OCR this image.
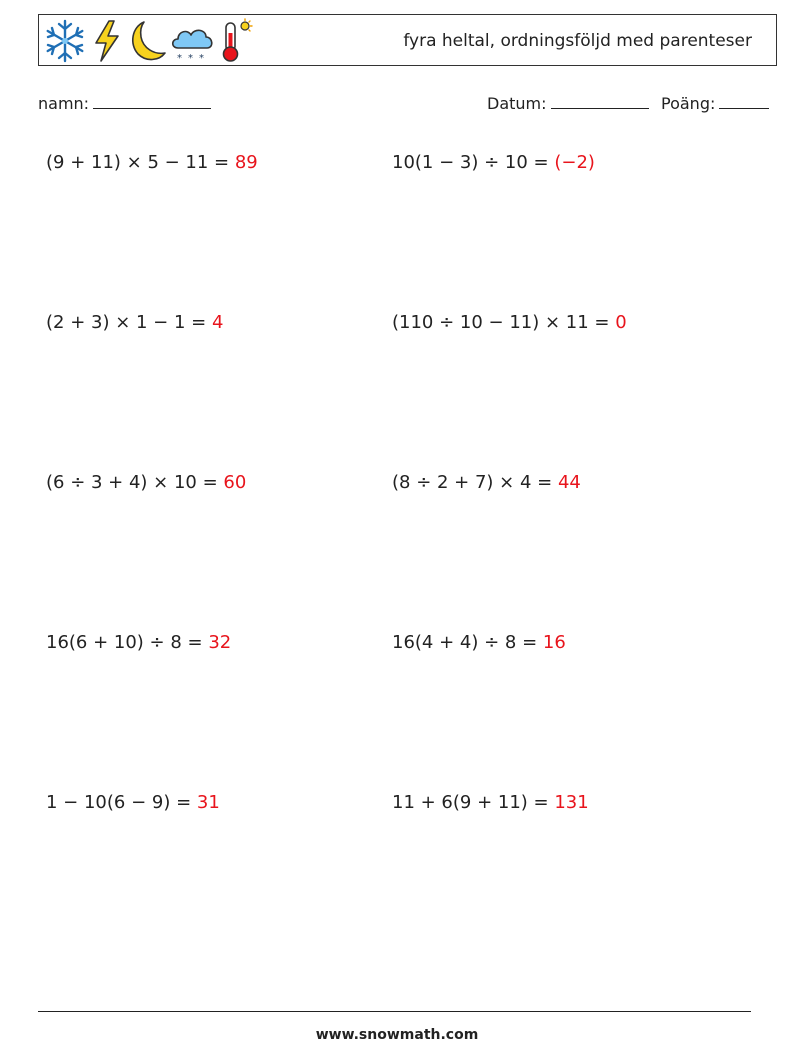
* * *
fyra heltal, ordningsföljd med parenteser
namn:	Datum:	Poäng:
(9 + 11) × 5 − 11 = 89	10(1 − 3) ÷ 10 = (−2)
(2 + 3) × 1 − 1 = 4	(110 ÷ 10 − 11) × 11 = 0
(6 ÷ 3 + 4) × 10 = 60	(8 ÷ 2 + 7) × 4 = 44
16(6 + 10) ÷ 8 = 32	16(4 + 4) ÷ 8 = 16
1 − 10(6 − 9) = 31	11 + 6(9 + 11) = 131
www.snowmath.com
